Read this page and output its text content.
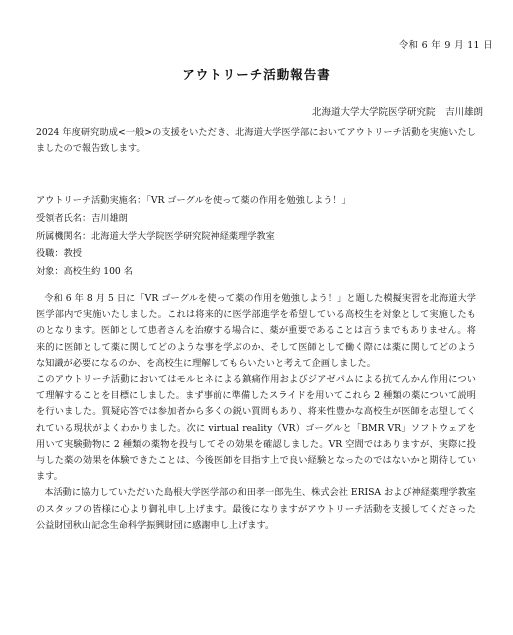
令和 6 年 9 月 11 日
アウトリーチ活動報告書
北海道大学大学院医学研究院　吉川雄朗

2024 年度研究助成<一般>の支援をいただき、北海道大学医学部においてアウトリーチ活動を実施いたしましたので報告致します。

アウトリーチ活動実施名：「VR ゴーグルを使って薬の作用を勉強しよう！」
受領者氏名：吉川雄朗
所属機関名：北海道大学大学院医学研究院神経薬理学教室
役職：教授
対象：高校生約 100 名

令和 6 年 8 月 5 日に「VR ゴーグルを使って薬の作用を勉強しよう！」と題した模擬実習を北海道大学医学部内で実施いたしました。これは将来的に医学部進学を希望している高校生を対象として実施したものとなります。医師として患者さんを治療する場合に、薬が重要であることは言うまでもありません。将来的に医師として薬に関してどのような事を学ぶのか、そして医師として働く際には薬に関してどのような知識が必要になるのか、を高校生に理解してもらいたいと考えて企画しました。

このアウトリーチ活動においてはモルヒネによる鎮痛作用およびジアゼパムによる抗てんかん作用について理解することを目標にしました。まず事前に準備したスライドを用いてこれら 2 種類の薬について説明を行いました。質疑応答では参加者から多くの鋭い質問もあり、将来性豊かな高校生が医師を志望してくれている現状がよくわかりました。次に virtual reality（VR）ゴーグルと「BMR VR」ソフトウェアを用いて実験動物に 2 種類の薬物を投与してその効果を確認しました。VR 空間ではありますが、実際に投与した薬の効果を体験できたことは、今後医師を目指す上で良い経験となったのではないかと期待しています。

本活動に協力していただいた島根大学医学部の和田孝一郎先生、株式会社 ERISA および神経薬理学教室のスタッフの皆様に心より御礼申し上げます。最後になりますがアウトリーチ活動を支援してくださった公益財団秋山記念生命科学振興財団に感謝申し上げます。
